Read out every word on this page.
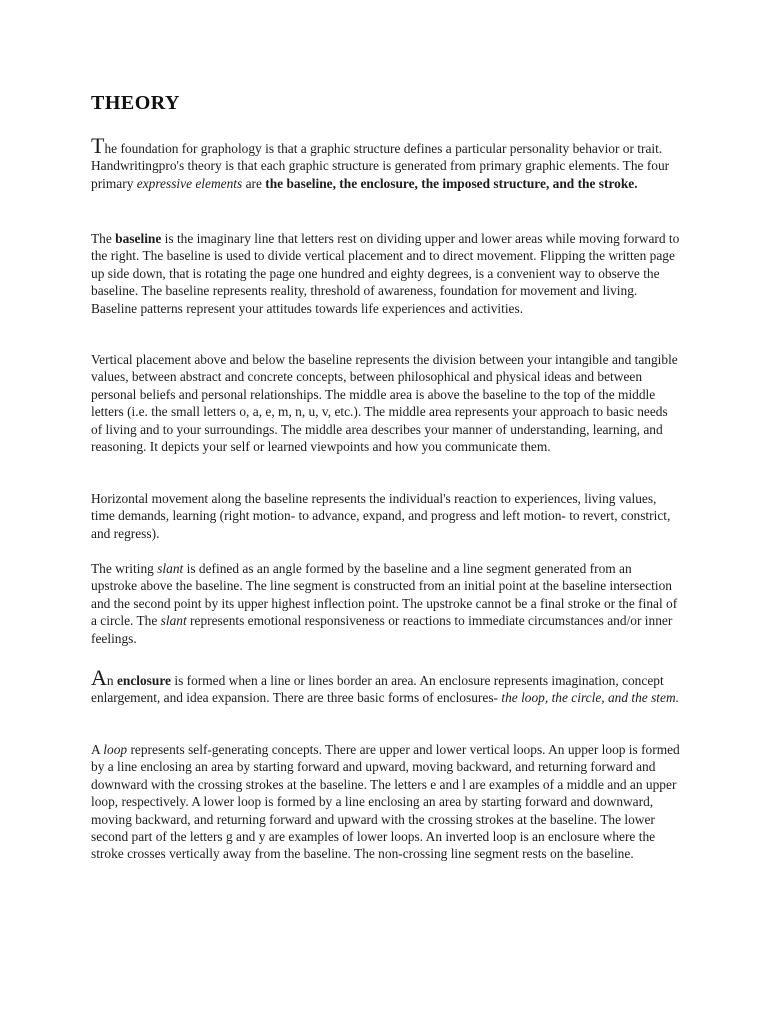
THEORY

The foundation for graphology is that a graphic structure defines a particular personality behavior or trait. Handwritingpro's theory is that each graphic structure is generated from primary graphic elements. The four primary expressive elements are the baseline, the enclosure, the imposed structure, and the stroke.

The baseline is the imaginary line that letters rest on dividing upper and lower areas while moving forward to the right. The baseline is used to divide vertical placement and to direct movement. Flipping the written page up side down, that is rotating the page one hundred and eighty degrees, is a convenient way to observe the baseline. The baseline represents reality, threshold of awareness, foundation for movement and living. Baseline patterns represent your attitudes towards life experiences and activities.

Vertical placement above and below the baseline represents the division between your intangible and tangible values, between abstract and concrete concepts, between philosophical and physical ideas and between personal beliefs and personal relationships. The middle area is above the baseline to the top of the middle letters (i.e. the small letters o, a, e, m, n, u, v, etc.). The middle area represents your approach to basic needs of living and to your surroundings. The middle area describes your manner of understanding, learning, and reasoning. It depicts your self or learned viewpoints and how you communicate them.

Horizontal movement along the baseline represents the individual's reaction to experiences, living values, time demands, learning (right motion- to advance, expand, and progress and left motion- to revert, constrict, and regress).

The writing slant is defined as an angle formed by the baseline and a line segment generated from an upstroke above the baseline. The line segment is constructed from an initial point at the baseline intersection and the second point by its upper highest inflection point. The upstroke cannot be a final stroke or the final of a circle. The slant represents emotional responsiveness or reactions to immediate circumstances and/or inner feelings.

An enclosure is formed when a line or lines border an area. An enclosure represents imagination, concept enlargement, and idea expansion. There are three basic forms of enclosures- the loop, the circle, and the stem.

A loop represents self-generating concepts. There are upper and lower vertical loops. An upper loop is formed by a line enclosing an area by starting forward and upward, moving backward, and returning forward and downward with the crossing strokes at the baseline. The letters e and l are examples of a middle and an upper loop, respectively. A lower loop is formed by a line enclosing an area by starting forward and downward, moving backward, and returning forward and upward with the crossing strokes at the baseline. The lower second part of the letters g and y are examples of lower loops. An inverted loop is an enclosure where the stroke crosses vertically away from the baseline. The non-crossing line segment rests on the baseline.
